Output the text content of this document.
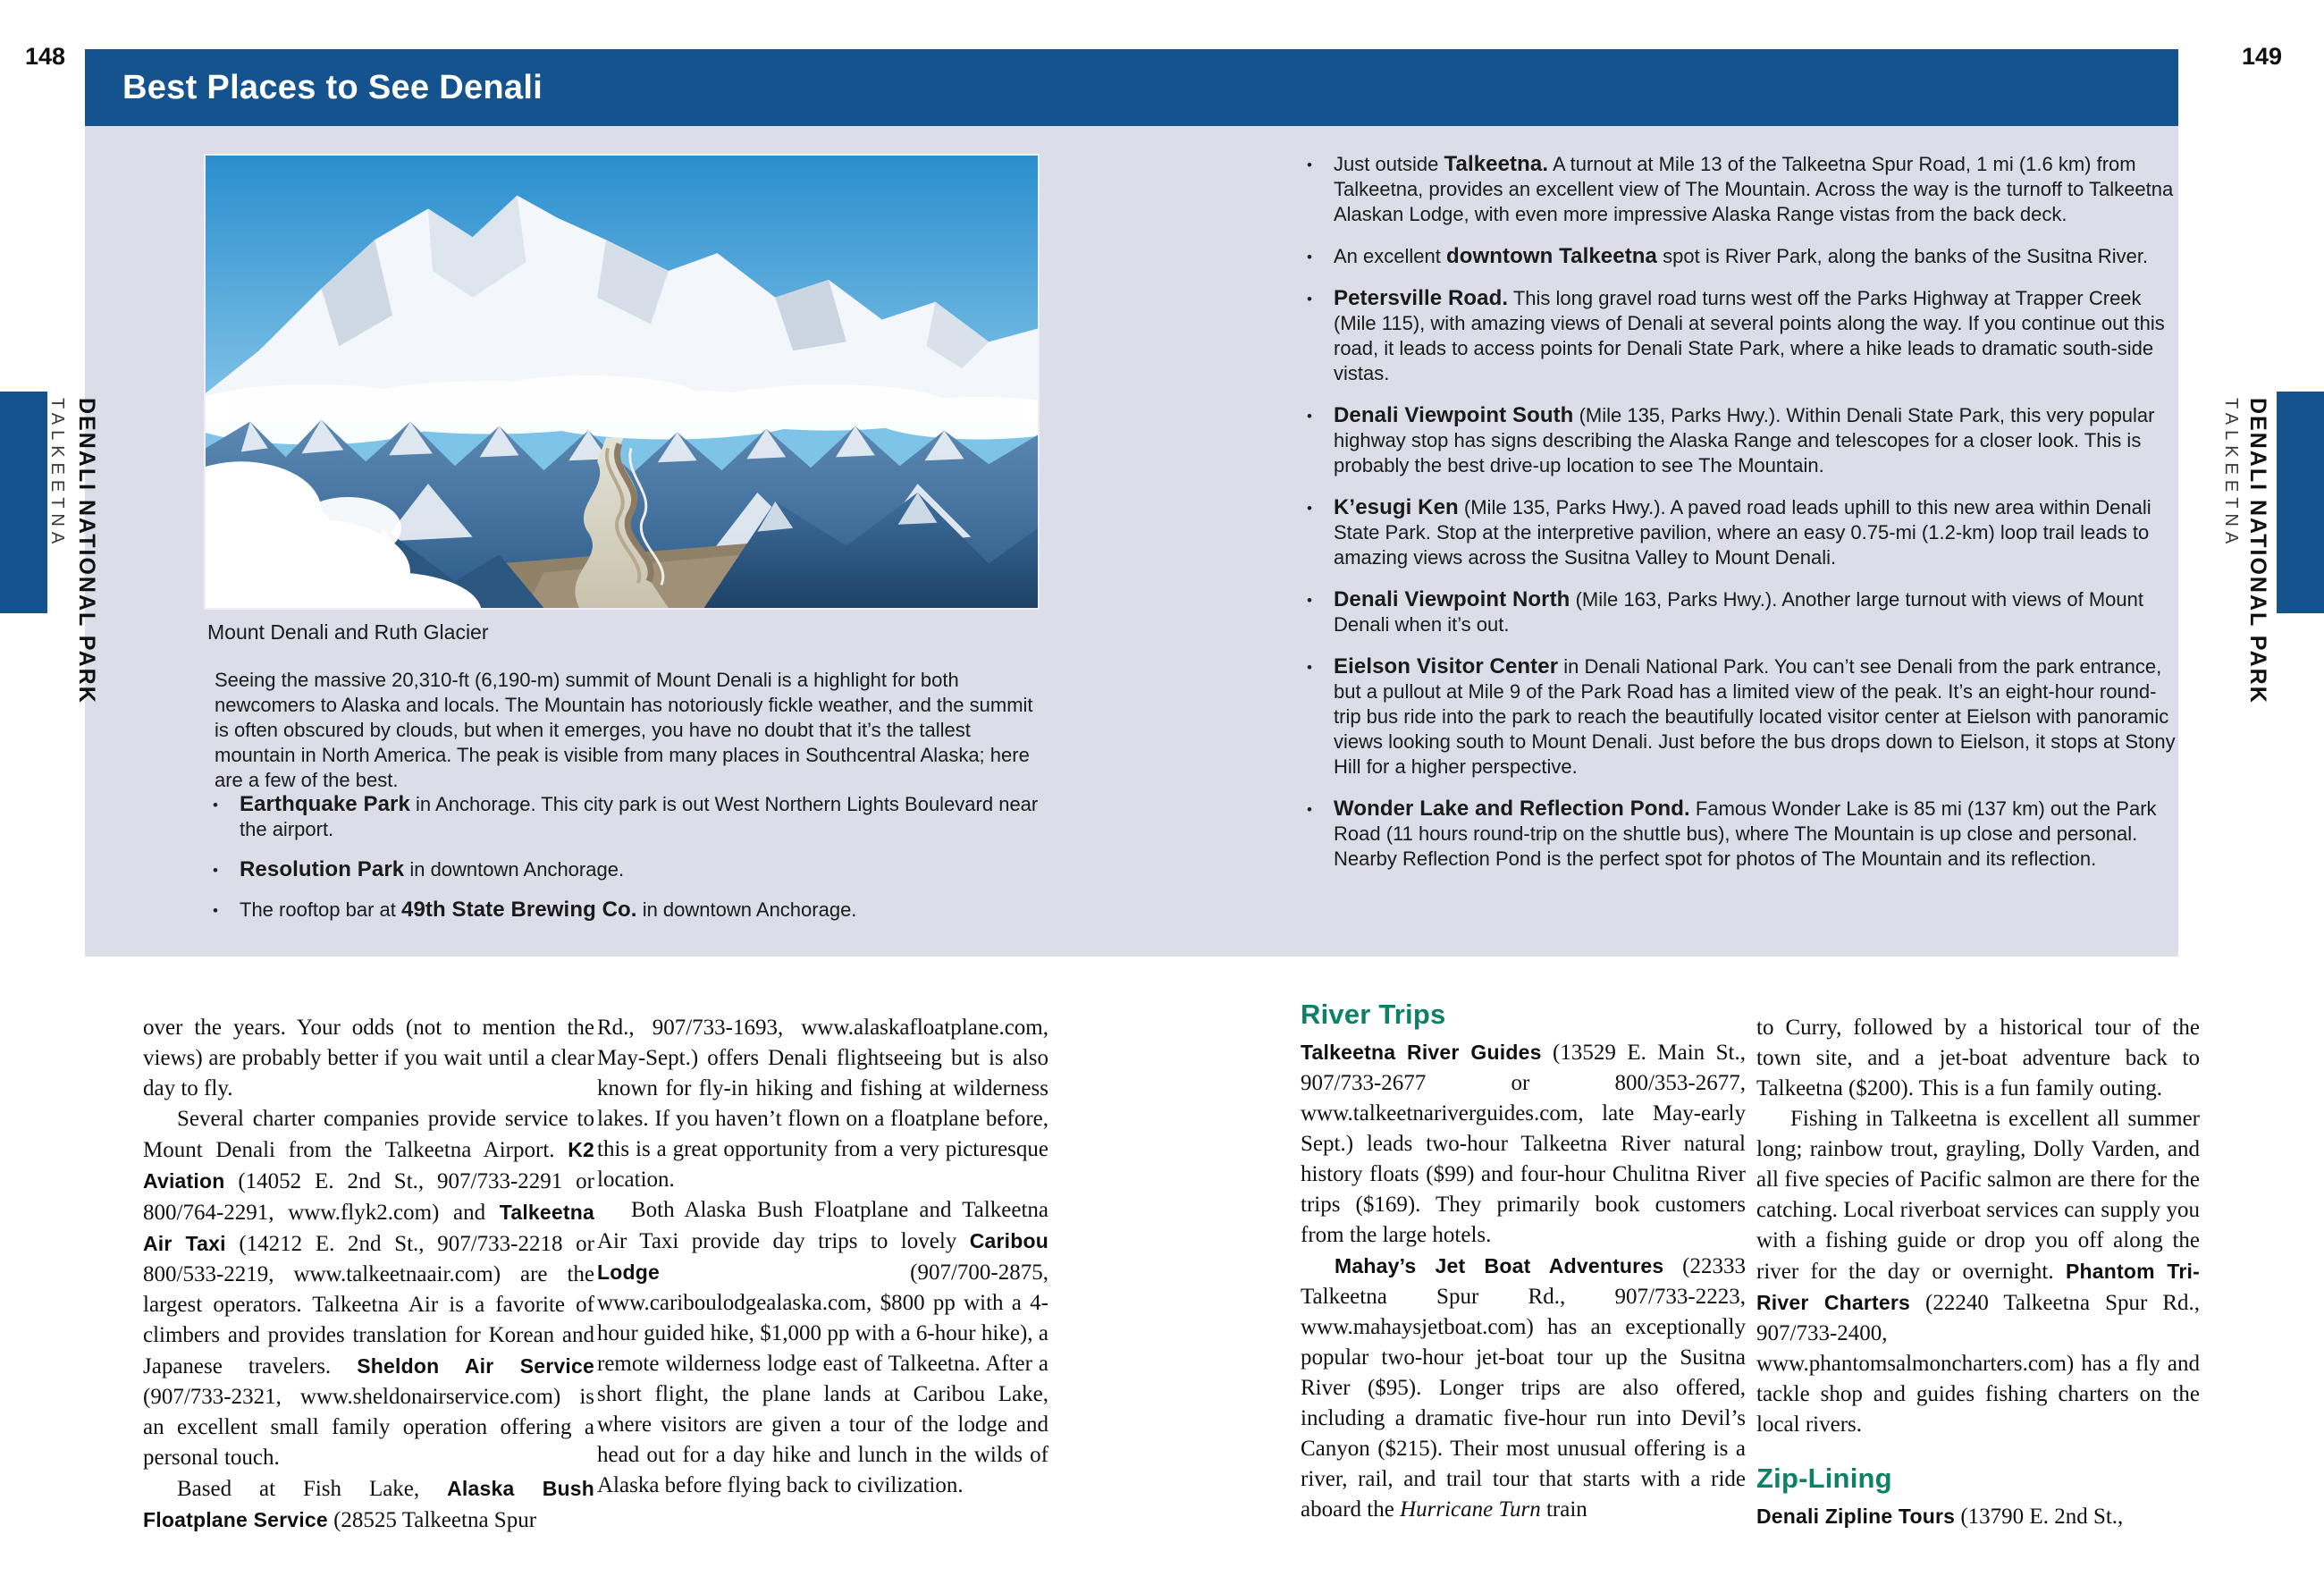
148	149
Best Places to See Denali
TALKEETNA DENALI NATIONAL PARK	TALKEETNA DENALI NATIONAL PARK
Mount Denali and Ruth Glacier
Seeing the massive 20,310-ft (6,190-m) summit of Mount Denali is a highlight for both newcomers to Alaska and locals. The Mountain has notoriously fickle weather, and the summit is often obscured by clouds, but when it emerges, you have no doubt that it’s the tallest mountain in North America. The peak is visible from many places in Southcentral Alaska; here are a few of the best.
• Earthquake Park in Anchorage. This city park is out West Northern Lights Boulevard near the airport.
• Resolution Park in downtown Anchorage.
• The rooftop bar at 49th State Brewing Co. in downtown Anchorage.
• Just outside Talkeetna. A turnout at Mile 13 of the Talkeetna Spur Road, 1 mi (1.6 km) from Talkeetna, provides an excellent view of The Mountain. Across the way is the turnoff to Talkeetna Alaskan Lodge, with even more impressive Alaska Range vistas from the back deck.
• An excellent downtown Talkeetna spot is River Park, along the banks of the Susitna River.
• Petersville Road. This long gravel road turns west off the Parks Highway at Trapper Creek (Mile 115), with amazing views of Denali at several points along the way. If you continue out this road, it leads to access points for Denali State Park, where a hike leads to dramatic south-side vistas.
• Denali Viewpoint South (Mile 135, Parks Hwy.). Within Denali State Park, this very popular highway stop has signs describing the Alaska Range and telescopes for a closer look. This is probably the best drive-up location to see The Mountain.
• K’esugi Ken (Mile 135, Parks Hwy.). A paved road leads uphill to this new area within Denali State Park. Stop at the interpretive pavilion, where an easy 0.75-mi (1.2-km) loop trail leads to amazing views across the Susitna Valley to Mount Denali.
• Denali Viewpoint North (Mile 163, Parks Hwy.). Another large turnout with views of Mount Denali when it’s out.
• Eielson Visitor Center in Denali National Park. You can’t see Denali from the park entrance, but a pullout at Mile 9 of the Park Road has a limited view of the peak. It’s an eight-hour round-trip bus ride into the park to reach the beautifully located visitor center at Eielson with panoramic views looking south to Mount Denali. Just before the bus drops down to Eielson, it stops at Stony Hill for a higher perspective.
• Wonder Lake and Reflection Pond. Famous Wonder Lake is 85 mi (137 km) out the Park Road (11 hours round-trip on the shuttle bus), where The Mountain is up close and personal. Nearby Reflection Pond is the perfect spot for photos of The Mountain and its reflection.

over the years. Your odds (not to mention the views) are probably better if you wait until a clear day to fly.

Several charter companies provide service to Mount Denali from the Talkeetna Airport. K2 Aviation (14052 E. 2nd St., 907/733-2291 or 800/764-2291, www.flyk2.com) and Talkeetna Air Taxi (14212 E. 2nd St., 907/733-2218 or 800/533-2219, www.talkeetnaair.com) are the largest operators. Talkeetna Air is a favorite of climbers and provides translation for Korean and Japanese travelers. Sheldon Air Service (907/733-2321, www.sheldonairservice.com) is an excellent small family operation offering a personal touch.

Based at Fish Lake, Alaska Bush Floatplane Service (28525 Talkeetna Spur

Rd., 907/733-1693, www.alaskafloatplane.com, May-Sept.) offers Denali flightseeing but is also known for fly-in hiking and fishing at wilderness lakes. If you haven’t flown on a floatplane before, this is a great opportunity from a very picturesque location.

Both Alaska Bush Floatplane and Talkeetna Air Taxi provide day trips to lovely Caribou Lodge (907/700-2875, www.cariboulodgealaska.com, $800 pp with a 4-hour guided hike, $1,000 pp with a 6-hour hike), a remote wilderness lodge east of Talkeetna. After a short flight, the plane lands at Caribou Lake, where visitors are given a tour of the lodge and head out for a day hike and lunch in the wilds of Alaska before flying back to civilization.

River Trips

Talkeetna River Guides (13529 E. Main St., 907/733-2677 or 800/353-2677, www.talkeetnariverguides.com, late May-early Sept.) leads two-hour Talkeetna River natural history floats ($99) and four-hour Chulitna River trips ($169). They primarily book customers from the large hotels.

Mahay’s Jet Boat Adventures (22333 Talkeetna Spur Rd., 907/733-2223, www.mahaysjetboat.com) has an exceptionally popular two-hour jet-boat tour up the Susitna River ($95). Longer trips are also offered, including a dramatic five-hour run into Devil’s Canyon ($215). Their most unusual offering is a river, rail, and trail tour that starts with a ride aboard the Hurricane Turn train

to Curry, followed by a historical tour of the town site, and a jet-boat adventure back to Talkeetna ($200). This is a fun family outing.

Fishing in Talkeetna is excellent all summer long; rainbow trout, grayling, Dolly Varden, and all five species of Pacific salmon are there for the catching. Local riverboat services can supply you with a fishing guide or drop you off along the river for the day or overnight. Phantom Tri-River Charters (22240 Talkeetna Spur Rd., 907/733-2400, www.phantomsalmoncharters.com) has a fly and tackle shop and guides fishing charters on the local rivers.

Zip-Lining

Denali Zipline Tours (13790 E. 2nd St.,
